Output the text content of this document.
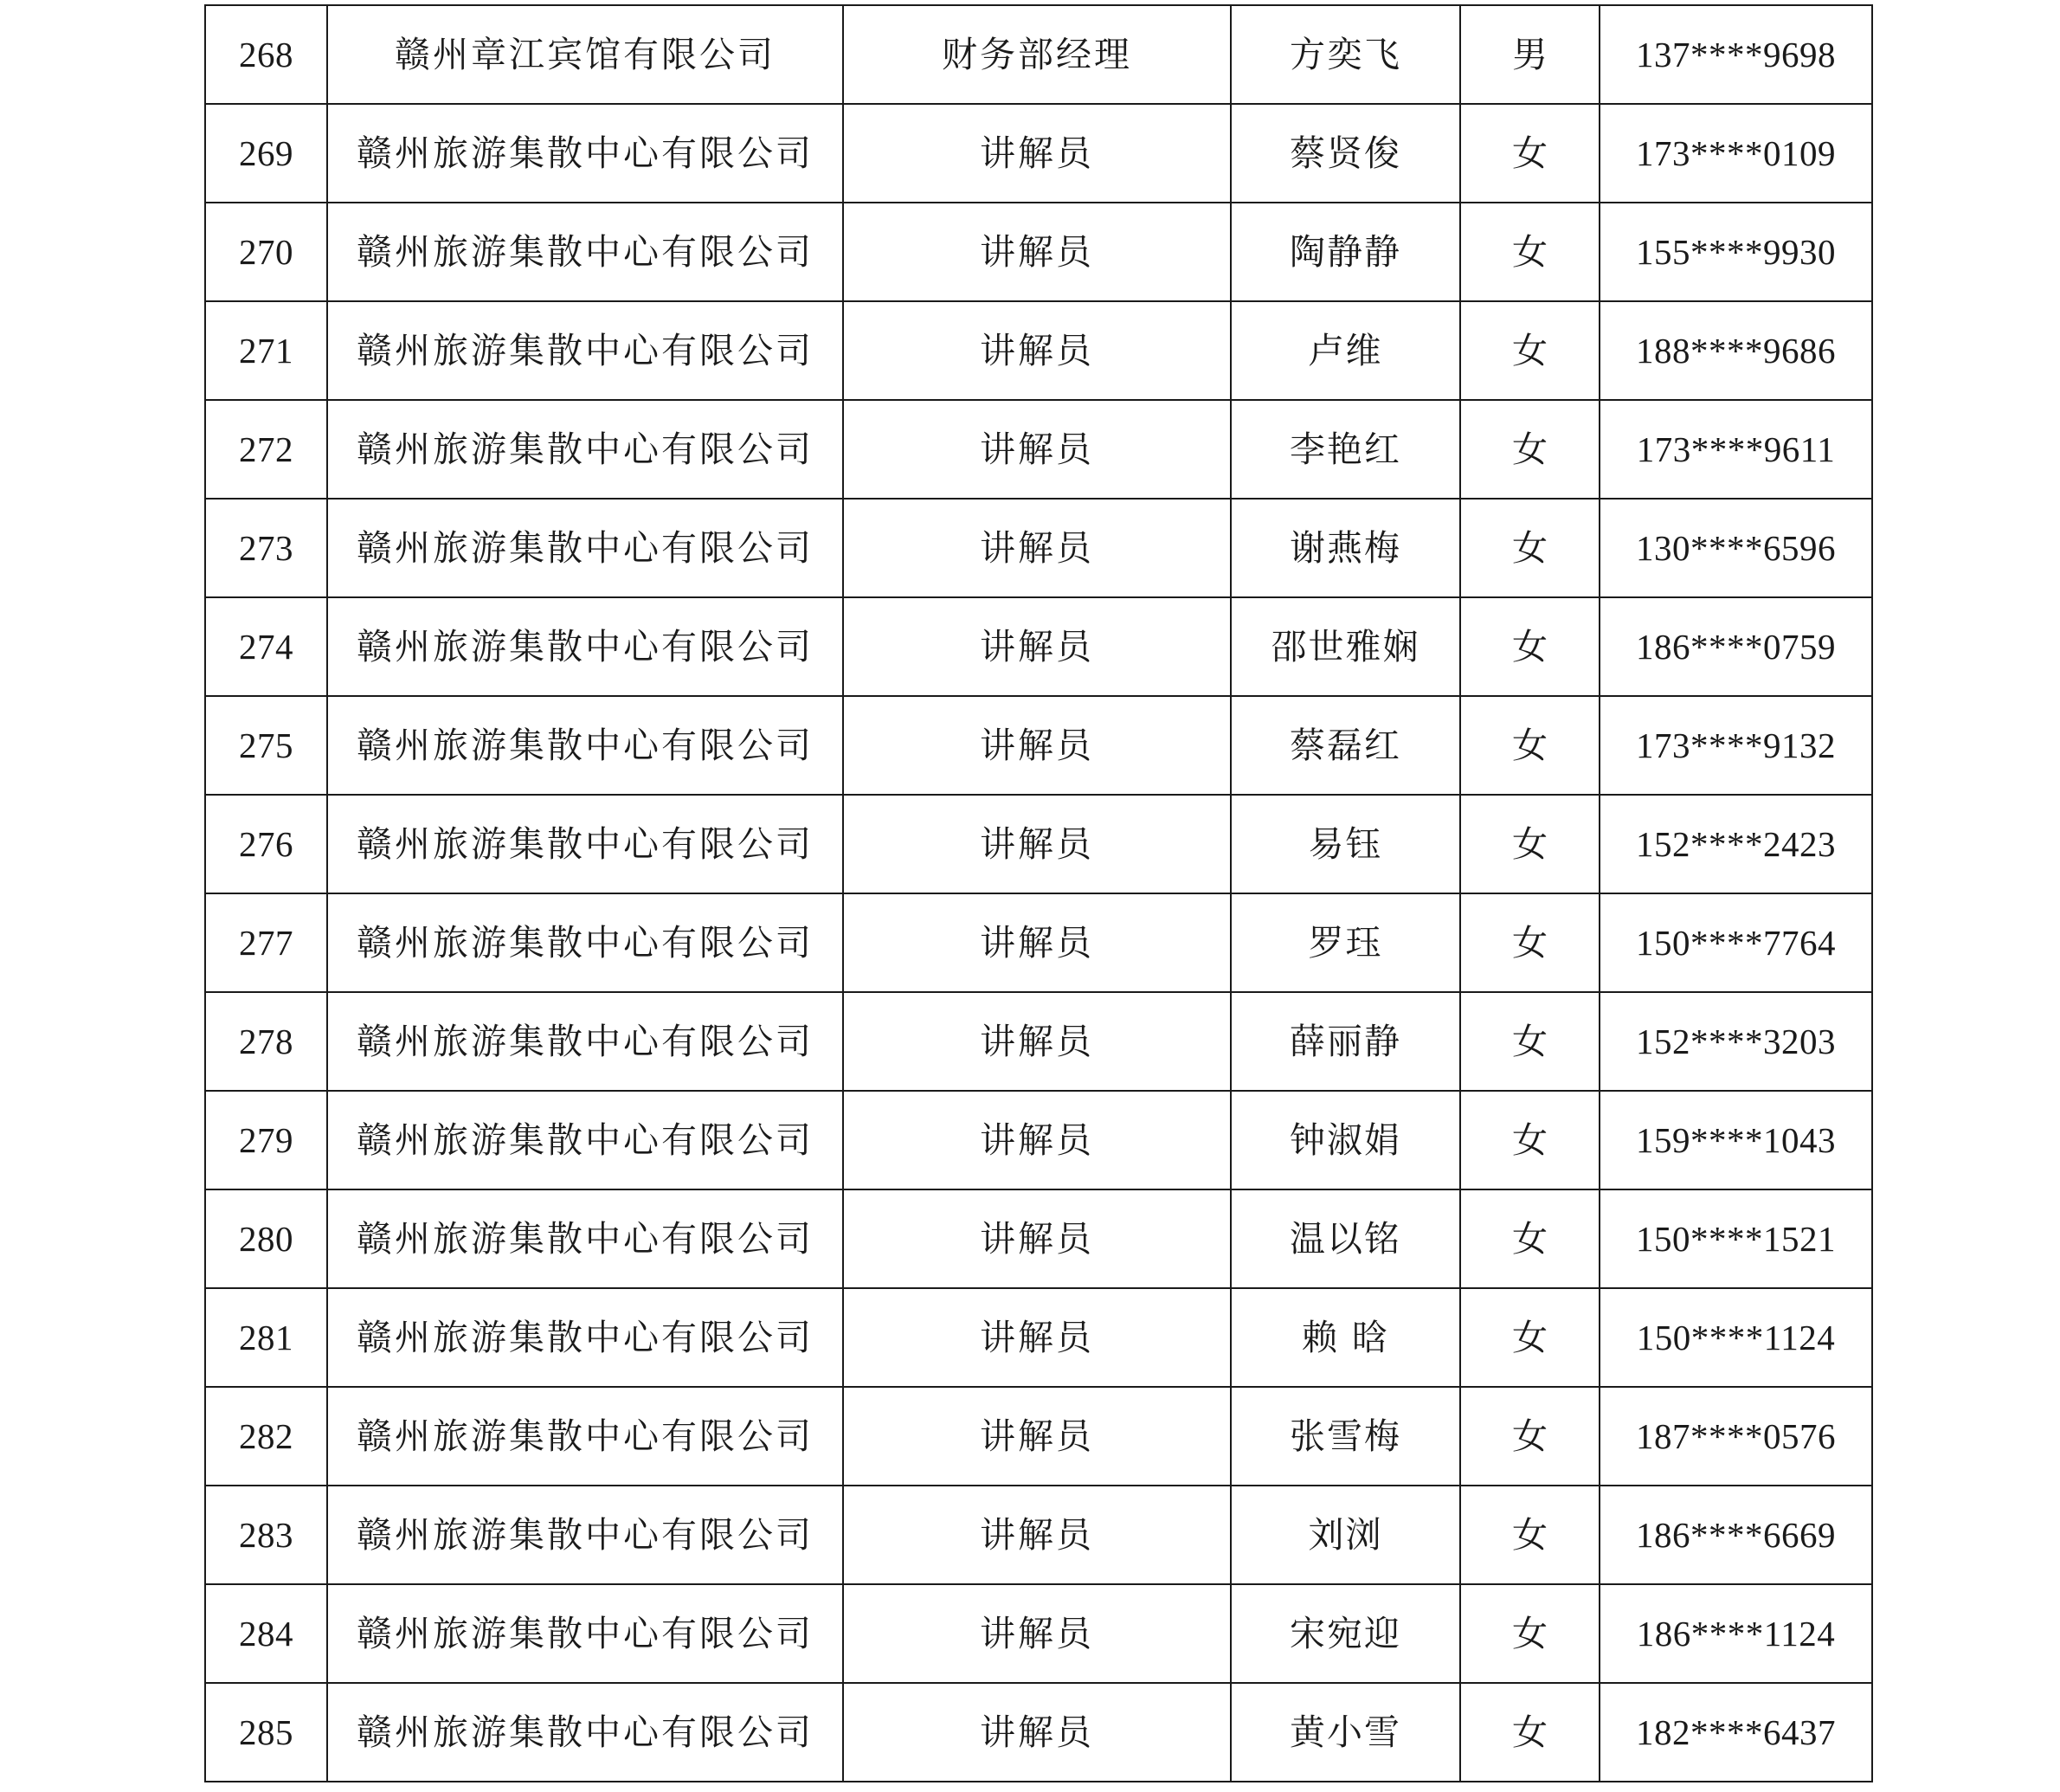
268	赣州章江宾馆有限公司	财务部经理	方奕飞	男	137****9698
269	赣州旅游集散中心有限公司	讲解员	蔡贤俊	女	173****0109
270	赣州旅游集散中心有限公司	讲解员	陶静静	女	155****9930
271	赣州旅游集散中心有限公司	讲解员	卢维	女	188****9686
272	赣州旅游集散中心有限公司	讲解员	李艳红	女	173****9611
273	赣州旅游集散中心有限公司	讲解员	谢燕梅	女	130****6596
274	赣州旅游集散中心有限公司	讲解员	邵世雅娴	女	186****0759
275	赣州旅游集散中心有限公司	讲解员	蔡磊红	女	173****9132
276	赣州旅游集散中心有限公司	讲解员	易钰	女	152****2423
277	赣州旅游集散中心有限公司	讲解员	罗珏	女	150****7764
278	赣州旅游集散中心有限公司	讲解员	薛丽静	女	152****3203
279	赣州旅游集散中心有限公司	讲解员	钟淑娟	女	159****1043
280	赣州旅游集散中心有限公司	讲解员	温以铭	女	150****1521
281	赣州旅游集散中心有限公司	讲解员	赖 晗	女	150****1124
282	赣州旅游集散中心有限公司	讲解员	张雪梅	女	187****0576
283	赣州旅游集散中心有限公司	讲解员	刘浏	女	186****6669
284	赣州旅游集散中心有限公司	讲解员	宋宛迎	女	186****1124
285	赣州旅游集散中心有限公司	讲解员	黄小雪	女	182****6437
